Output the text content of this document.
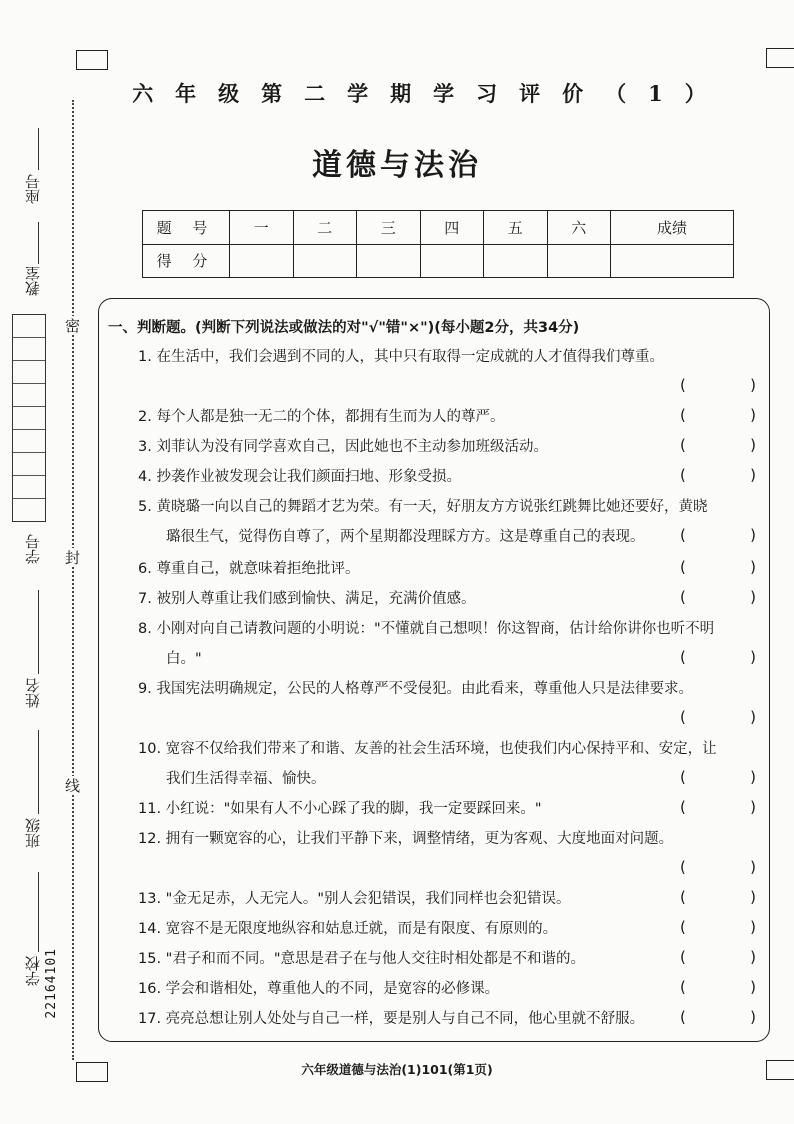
座号
教室
学号
姓名
班级
学校 22164101
密
封
线
六年级第二学期学习评价（1）
道德与法治
题 号	一	二	三	四	五	六	成绩
得 分							
一、判断题。(判断下列说法或做法的对"√"错"×")(每小题2分，共34分)
1. 在生活中，我们会遇到不同的人，其中只有取得一定成就的人才值得我们尊重。
(	)
2. 每个人都是独一无二的个体，都拥有生而为人的尊严。	(	)
3. 刘菲认为没有同学喜欢自己，因此她也不主动参加班级活动。	(	)
4. 抄袭作业被发现会让我们颜面扫地、形象受损。	(	)
5. 黄晓璐一向以自己的舞蹈才艺为荣。有一天，好朋友方方说张红跳舞比她还要好，黄晓
璐很生气，觉得伤自尊了，两个星期都没理睬方方。这是尊重自己的表现。	(	)
6. 尊重自己，就意味着拒绝批评。	(	)
7. 被别人尊重让我们感到愉快、满足，充满价值感。	(	)
8. 小刚对向自己请教问题的小明说："不懂就自己想呗！你这智商，估计给你讲你也听不明
白。"	(	)
9. 我国宪法明确规定，公民的人格尊严不受侵犯。由此看来，尊重他人只是法律要求。
(	)
10. 宽容不仅给我们带来了和谐、友善的社会生活环境，也使我们内心保持平和、安定，让
我们生活得幸福、愉快。	(	)
11. 小红说："如果有人不小心踩了我的脚，我一定要踩回来。"	(	)
12. 拥有一颗宽容的心，让我们平静下来，调整情绪，更为客观、大度地面对问题。
(	)
13. "金无足赤，人无完人。"别人会犯错误，我们同样也会犯错误。	(	)
14. 宽容不是无限度地纵容和姑息迁就，而是有限度、有原则的。	(	)
15. "君子和而不同。"意思是君子在与他人交往时相处都是不和谐的。	(	)
16. 学会和谐相处，尊重他人的不同，是宽容的必修课。	(	)
17. 亮亮总想让别人处处与自己一样，要是别人与自己不同，他心里就不舒服。	(	)
六年级道德与法治(1)101(第1页)
